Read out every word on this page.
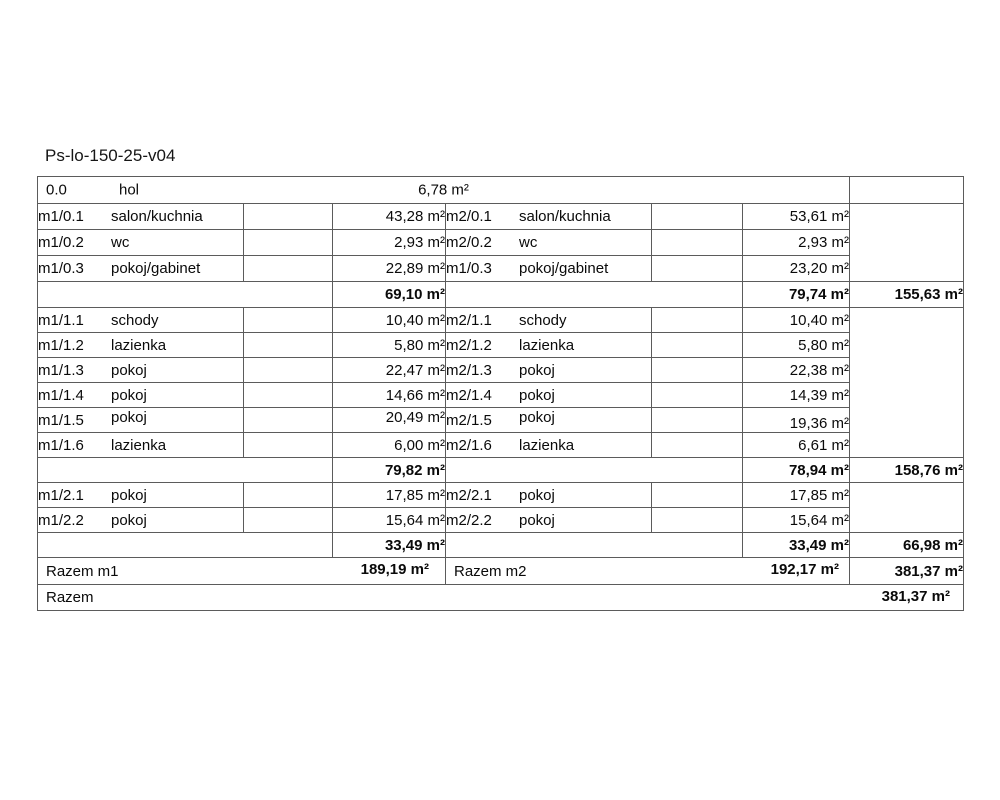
Ps-lo-150-25-v04
0.0 hol 6,78 m²						

m1/0.1 salon/kuchnia		43,28 m²	m2/0.1 salon/kuchnia		53,61 m²	
m1/0.2 wc		2,93 m²	m2/0.2 wc		2,93 m²	
m1/0.3 pokoj/gabinet		22,89 m²	m1/0.3 pokoj/gabinet		23,20 m²	
		69,10 m²			79,74 m²	155,63 m²
m1/1.1 schody		10,40 m²	m2/1.1 schody		10,40 m²	
m1/1.2 lazienka		5,80 m²	m2/1.2 lazienka		5,80 m²	
m1/1.3 pokoj		22,47 m²	m2/1.3 pokoj		22,38 m²	
m1/1.4 pokoj		14,66 m²	m2/1.4 pokoj		14,39 m²	
m1/1.5 pokoj		20,49 m²	m2/1.5 pokoj		19,36 m²	
m1/1.6 lazienka		6,00 m²	m2/1.6 lazienka		6,61 m²	
		79,82 m²			78,94 m²	158,76 m²
m1/2.1 pokoj		17,85 m²	m2/2.1 pokoj		17,85 m²	
m1/2.2 pokoj		15,64 m²	m2/2.2 pokoj		15,64 m²	
		33,49 m²			33,49 m²	66,98 m²

Razem m1 189,19 m²			Razem m2 192,17 m²			381,37 m²

Razem 381,37 m²						
